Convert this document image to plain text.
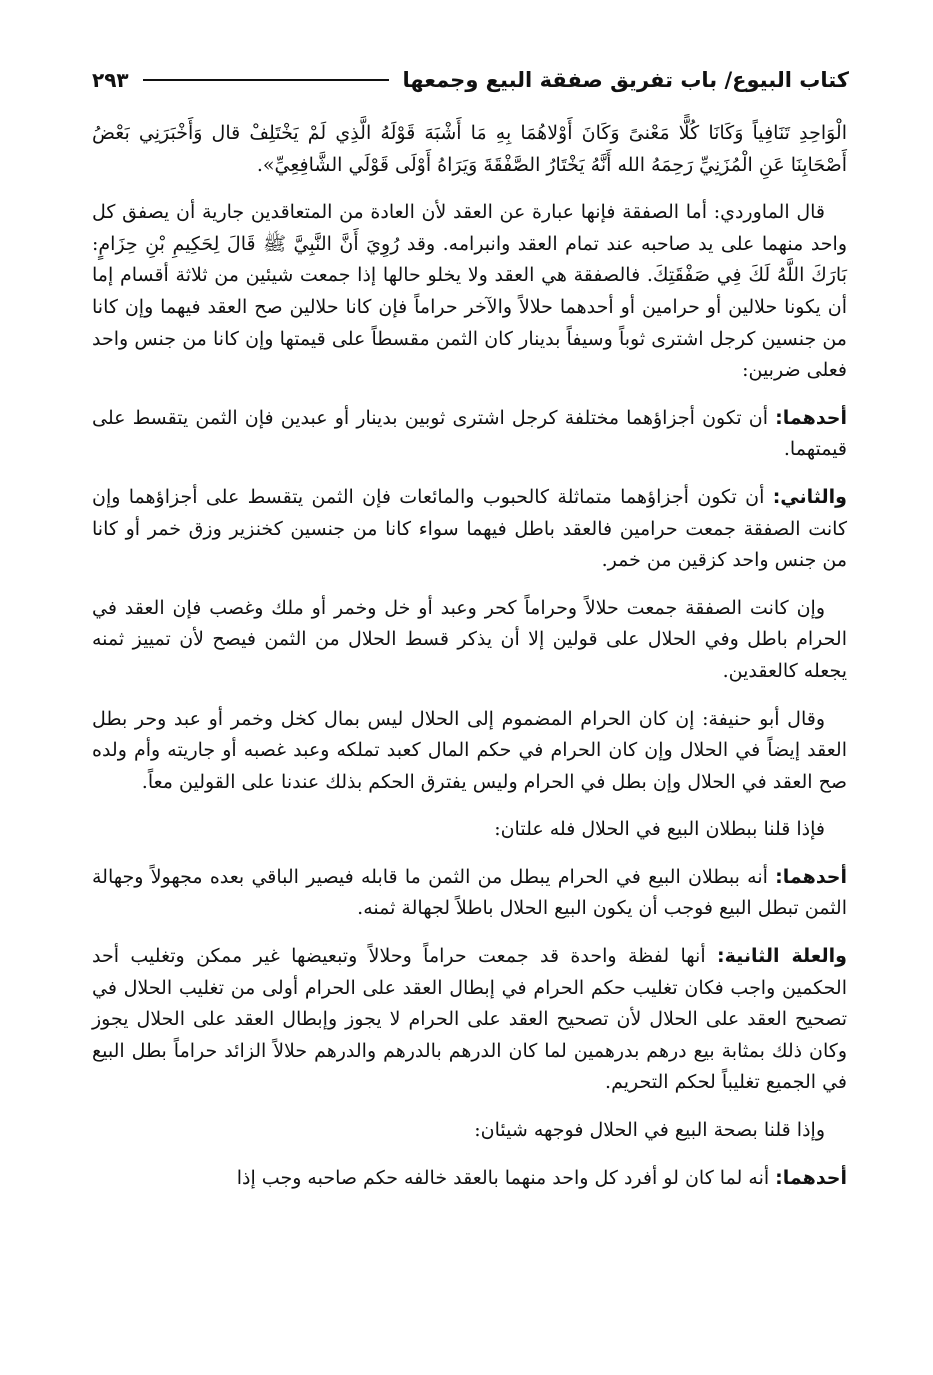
كتاب البيوع/ باب تفريق صفقة البيع وجمعها
٢٩٣

الْوَاحِدِ تَنَافِياً وَكَانَا كُلًّا مَعْنىً وَكَانَ أَوْلاهُمَا بِهِ مَا أَشْبَهَ قَوْلَهُ الَّذِي لَمْ يَخْتَلِفْ قال وَأَخْبَرَنِي بَعْضُ أَصْحَابِنَا عَنِ الْمُزَنِيِّ رَحِمَهُ الله أَنَّهُ يَخْتَارُ الصَّفْقَةَ وَيَرَاهُ أَوْلَى قَوْلَي الشَّافِعِيِّ».

قال الماوردي: أما الصفقة فإنها عبارة عن العقد لأن العادة من المتعاقدين جارية أن يصفق كل واحد منهما على يد صاحبه عند تمام العقد وانبرامه. وقد رُوِيَ أَنَّ النَّبِيَّ ﷺ قَالَ لِحَكِيمِ بْنِ حِزَامٍ: بَارَكَ اللَّهُ لَكَ فِي صَفْقَتِكَ. فالصفقة هي العقد ولا يخلو حالها إذا جمعت شيئين من ثلاثة أقسام إما أن يكونا حلالين أو حرامين أو أحدهما حلالاً والآخر حراماً فإن كانا حلالين صح العقد فيهما وإن كانا من جنسين كرجل اشترى ثوباً وسيفاً بدينار كان الثمن مقسطاً على قيمتها وإن كانا من جنس واحد فعلى ضربين:

أحدهما: أن تكون أجزاؤهما مختلفة كرجل اشترى ثوبين بدينار أو عبدين فإن الثمن يتقسط على قيمتهما.

والثاني: أن تكون أجزاؤهما متماثلة كالحبوب والمائعات فإن الثمن يتقسط على أجزاؤهما وإن كانت الصفقة جمعت حرامين فالعقد باطل فيهما سواء كانا من جنسين كخنزير وزق خمر أو كانا من جنس واحد كزقين من خمر.

وإن كانت الصفقة جمعت حلالاً وحراماً كحر وعبد أو خل وخمر أو ملك وغصب فإن العقد في الحرام باطل وفي الحلال على قولين إلا أن يذكر قسط الحلال من الثمن فيصح لأن تمييز ثمنه يجعله كالعقدين.

وقال أبو حنيفة: إن كان الحرام المضموم إلى الحلال ليس بمال كخل وخمر أو عبد وحر بطل العقد إيضاً في الحلال وإن كان الحرام في حكم المال كعبد تملكه وعبد غصبه أو جاريته وأم ولده صح العقد في الحلال وإن بطل في الحرام وليس يفترق الحكم بذلك عندنا على القولين معاً.

فإذا قلنا ببطلان البيع في الحلال فله علتان:

أحدهما: أنه ببطلان البيع في الحرام يبطل من الثمن ما قابله فيصير الباقي بعده مجهولاً وجهالة الثمن تبطل البيع فوجب أن يكون البيع الحلال باطلاً لجهالة ثمنه.

والعلة الثانية: أنها لفظة واحدة قد جمعت حراماً وحلالاً وتبعيضها غير ممكن وتغليب أحد الحكمين واجب فكان تغليب حكم الحرام في إبطال العقد على الحرام أولى من تغليب الحلال في تصحيح العقد على الحلال لأن تصحيح العقد على الحرام لا يجوز وإبطال العقد على الحلال يجوز وكان ذلك بمثابة بيع درهم بدرهمين لما كان الدرهم بالدرهم والدرهم حلالاً الزائد حراماً بطل البيع في الجميع تغليباً لحكم التحريم.

وإذا قلنا بصحة البيع في الحلال فوجهه شيئان:

أحدهما: أنه لما كان لو أفرد كل واحد منهما بالعقد خالفه حكم صاحبه وجب إذا
